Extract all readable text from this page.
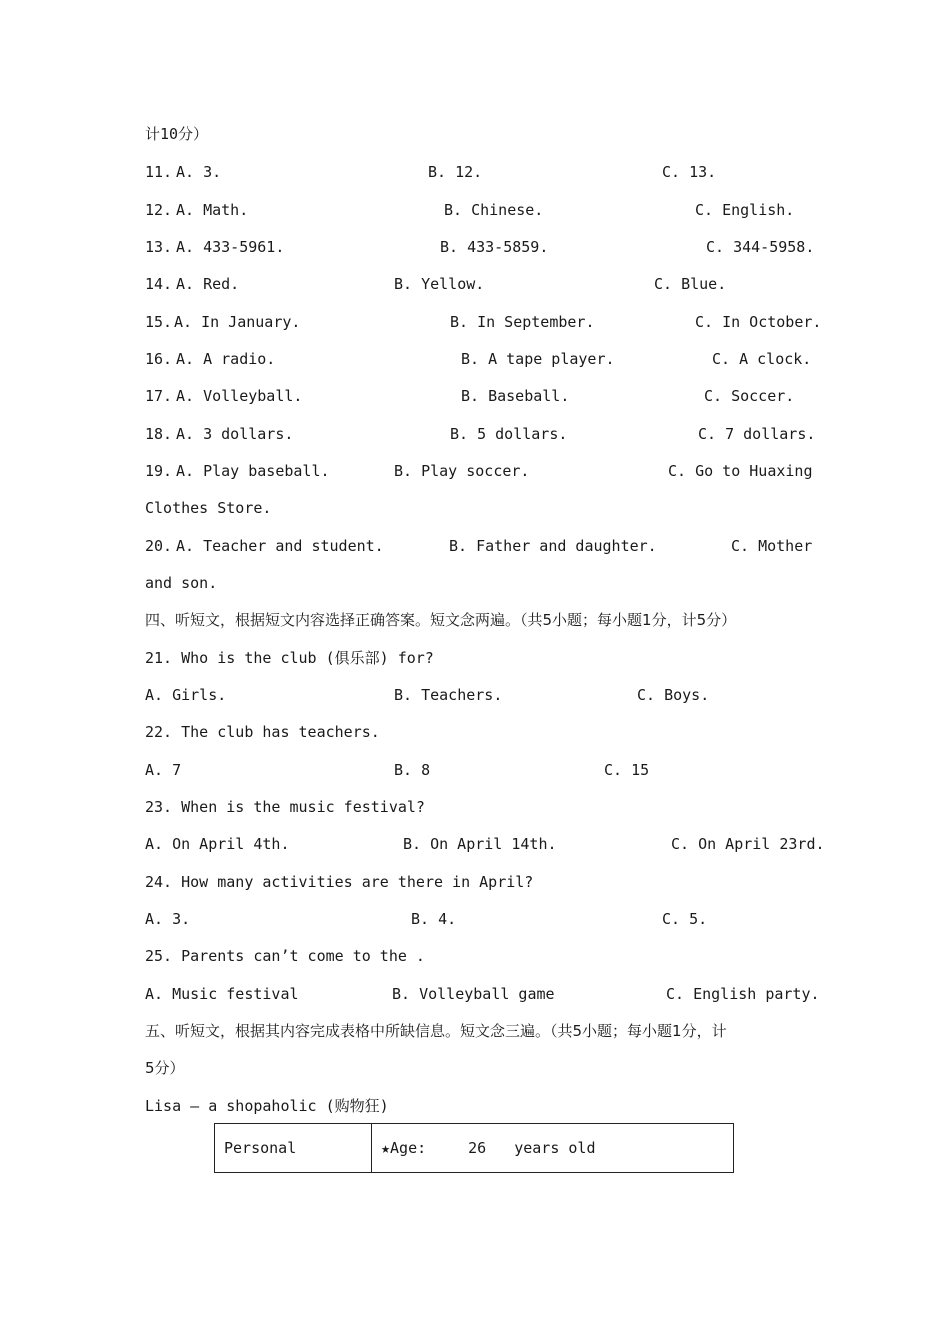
计10分）
11. A. 3.	B. 12.	C. 13.
12. A. Math.	B. Chinese.	C. English.
13. A. 433-5961.	B. 433-5859.	C. 344-5958.
14. A. Red.	B. Yellow.	C. Blue.
15. A. In January.	B. In September.	C. In October.
16. A. A radio.	B. A tape player.	C. A clock.
17. A. Volleyball.	B. Baseball.	C. Soccer.
18. A. 3 dollars.	B. 5 dollars.	C. 7 dollars.
19. A. Play baseball.	B. Play soccer.	C. Go to Huaxing
Clothes Store.
20. A. Teacher and student.	B. Father and daughter.	C. Mother
and son.
四、听短文，根据短文内容选择正确答案。短文念两遍。（共5小题；每小题1分，计5分）
21. Who is the club (俱乐部) for?
A. Girls.	B. Teachers.	C. Boys.
22. The club has teachers.
A. 7	B. 8	C. 15
23. When is the music festival?
A. On April 4th.	B. On April 14th.	C. On April 23rd.
24. How many activities are there in April?
A. 3.	B. 4.	C. 5.
25. Parents can’t come to the .
A. Music festival	B. Volleyball game	C. English party.
五、听短文，根据其内容完成表格中所缺信息。短文念三遍。（共5小题；每小题1分，计
5分）
Lisa — a shopaholic (购物狂)
Personal	★Age:	26 years old
